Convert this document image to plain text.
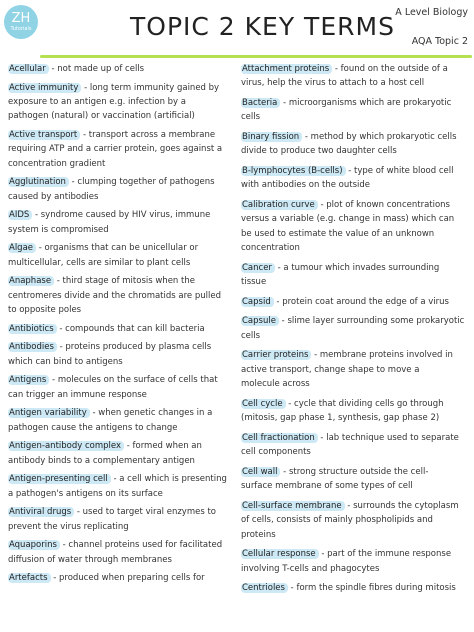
ZH
Tutorials	TOPIC 2 KEY TERMS A Level Biology
AQA Topic 2
Acellular - not made up of cells
Active immunity - long term immunity gained by
exposure to an antigen e.g. infection by a
pathogen (natural) or vaccination (artificial)
Active transport - transport across a membrane
requiring ATP and a carrier protein, goes against a
concentration gradient
Agglutination - clumping together of pathogens
caused by antibodies
AIDS - syndrome caused by HIV virus, immune
system is compromised
Algae - organisms that can be unicellular or
multicellular, cells are similar to plant cells
Anaphase - third stage of mitosis when the
centromeres divide and the chromatids are pulled
to opposite poles
Antibiotics - compounds that can kill bacteria
Antibodies - proteins produced by plasma cells
which can bind to antigens
Antigens - molecules on the surface of cells that
can trigger an immune response
Antigen variability - when genetic changes in a
pathogen cause the antigens to change
Antigen-antibody complex - formed when an
antibody binds to a complementary antigen
Antigen-presenting cell - a cell which is presenting
a pathogen's antigens on its surface
Antiviral drugs - used to target viral enzymes to
prevent the virus replicating
Aquaporins - channel proteins used for facilitated
diffusion of water through membranes
Artefacts - produced when preparing cells for
Attachment proteins - found on the outside of a
virus, help the virus to attach to a host cell
Bacteria - microorganisms which are prokaryotic
cells
Binary fission - method by which prokaryotic cells
divide to produce two daughter cells
B-lymphocytes (B-cells) - type of white blood cell
with antibodies on the outside
Calibration curve - plot of known concentrations
versus a variable (e.g. change in mass) which can
be used to estimate the value of an unknown
concentration
Cancer - a tumour which invades surrounding
tissue
Capsid - protein coat around the edge of a virus
Capsule - slime layer surrounding some prokaryotic
cells
Carrier proteins - membrane proteins involved in
active transport, change shape to move a
molecule across
Cell cycle - cycle that dividing cells go through
(mitosis, gap phase 1, synthesis, gap phase 2)
Cell fractionation - lab technique used to separate
cell components
Cell wall - strong structure outside the cell-
surface membrane of some types of cell
Cell-surface membrane - surrounds the cytoplasm
of cells, consists of mainly phospholipids and
proteins
Cellular response - part of the immune response
involving T-cells and phagocytes
Centrioles - form the spindle fibres during mitosis
